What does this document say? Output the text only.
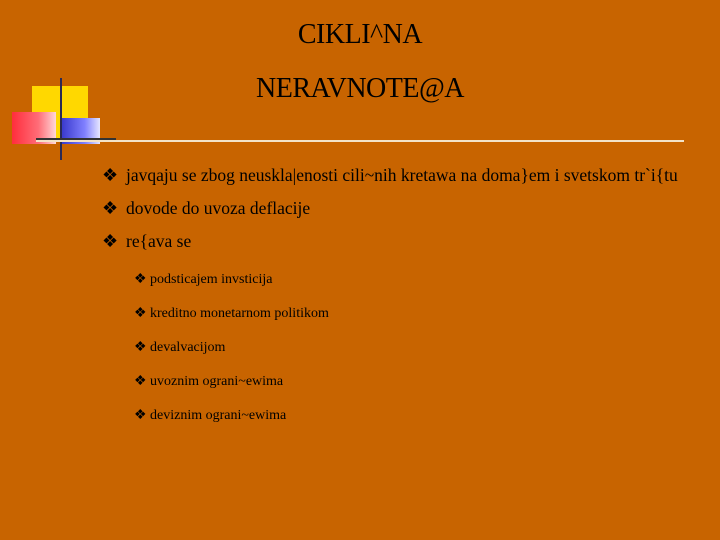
CIKLI^NA
NERAVNOTE@A
❖ javqaju se zbog neuskla|enosti cili~nih kretawa na doma}em i svetskom tr`i{tu
❖ dovode do uvoza deflacije
❖ re{ava se
❖ podsticajem invsticija
❖ kreditno monetarnom politikom
❖ devalvacijom
❖ uvoznim ograni~ewima
❖ deviznim ograni~ewima
